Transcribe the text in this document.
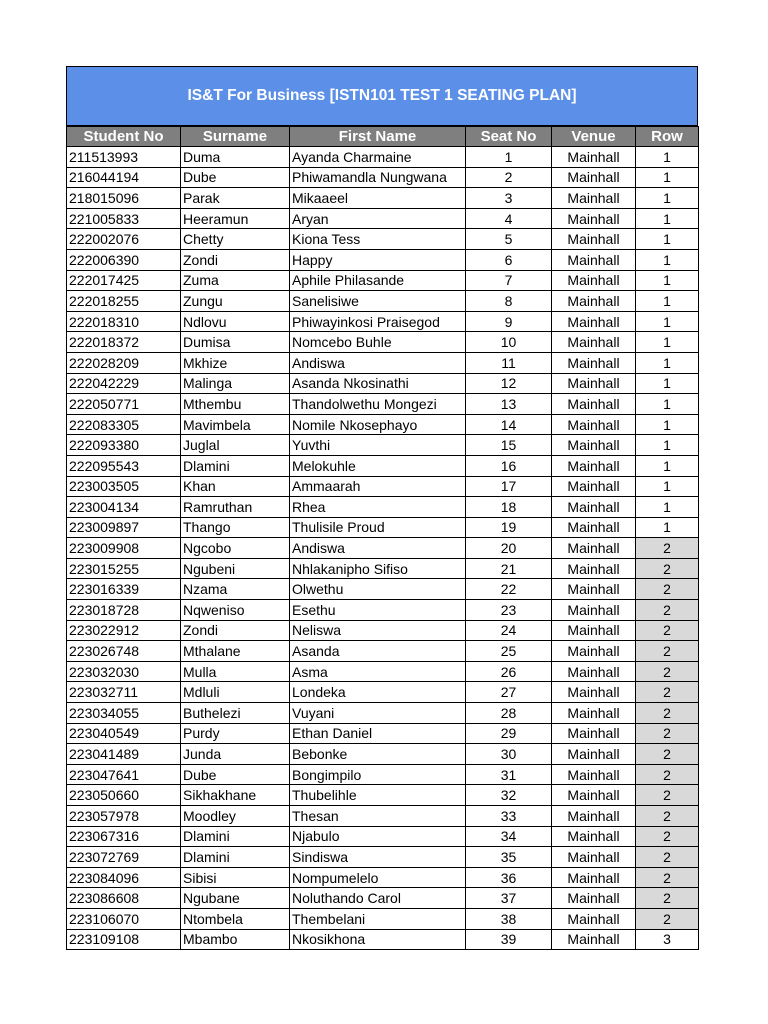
IS&T For Business [ISTN101 TEST 1 SEATING PLAN]
Student No	Surname	First Name	Seat No	Venue	Row
211513993	Duma	Ayanda Charmaine	1	Mainhall	1
216044194	Dube	Phiwamandla Nungwana	2	Mainhall	1
218015096	Parak	Mikaaeel	3	Mainhall	1
221005833	Heeramun	Aryan	4	Mainhall	1
222002076	Chetty	Kiona Tess	5	Mainhall	1
222006390	Zondi	Happy	6	Mainhall	1
222017425	Zuma	Aphile Philasande	7	Mainhall	1
222018255	Zungu	Sanelisiwe	8	Mainhall	1
222018310	Ndlovu	Phiwayinkosi Praisegod	9	Mainhall	1
222018372	Dumisa	Nomcebo Buhle	10	Mainhall	1
222028209	Mkhize	Andiswa	11	Mainhall	1
222042229	Malinga	Asanda Nkosinathi	12	Mainhall	1
222050771	Mthembu	Thandolwethu Mongezi	13	Mainhall	1
222083305	Mavimbela	Nomile Nkosephayo	14	Mainhall	1
222093380	Juglal	Yuvthi	15	Mainhall	1
222095543	Dlamini	Melokuhle	16	Mainhall	1
223003505	Khan	Ammaarah	17	Mainhall	1
223004134	Ramruthan	Rhea	18	Mainhall	1
223009897	Thango	Thulisile Proud	19	Mainhall	1
223009908	Ngcobo	Andiswa	20	Mainhall	2
223015255	Ngubeni	Nhlakanipho Sifiso	21	Mainhall	2
223016339	Nzama	Olwethu	22	Mainhall	2
223018728	Nqweniso	Esethu	23	Mainhall	2
223022912	Zondi	Neliswa	24	Mainhall	2
223026748	Mthalane	Asanda	25	Mainhall	2
223032030	Mulla	Asma	26	Mainhall	2
223032711	Mdluli	Londeka	27	Mainhall	2
223034055	Buthelezi	Vuyani	28	Mainhall	2
223040549	Purdy	Ethan Daniel	29	Mainhall	2
223041489	Junda	Bebonke	30	Mainhall	2
223047641	Dube	Bongimpilo	31	Mainhall	2
223050660	Sikhakhane	Thubelihle	32	Mainhall	2
223057978	Moodley	Thesan	33	Mainhall	2
223067316	Dlamini	Njabulo	34	Mainhall	2
223072769	Dlamini	Sindiswa	35	Mainhall	2
223084096	Sibisi	Nompumelelo	36	Mainhall	2
223086608	Ngubane	Noluthando Carol	37	Mainhall	2
223106070	Ntombela	Thembelani	38	Mainhall	2
223109108	Mbambo	Nkosikhona	39	Mainhall	3
